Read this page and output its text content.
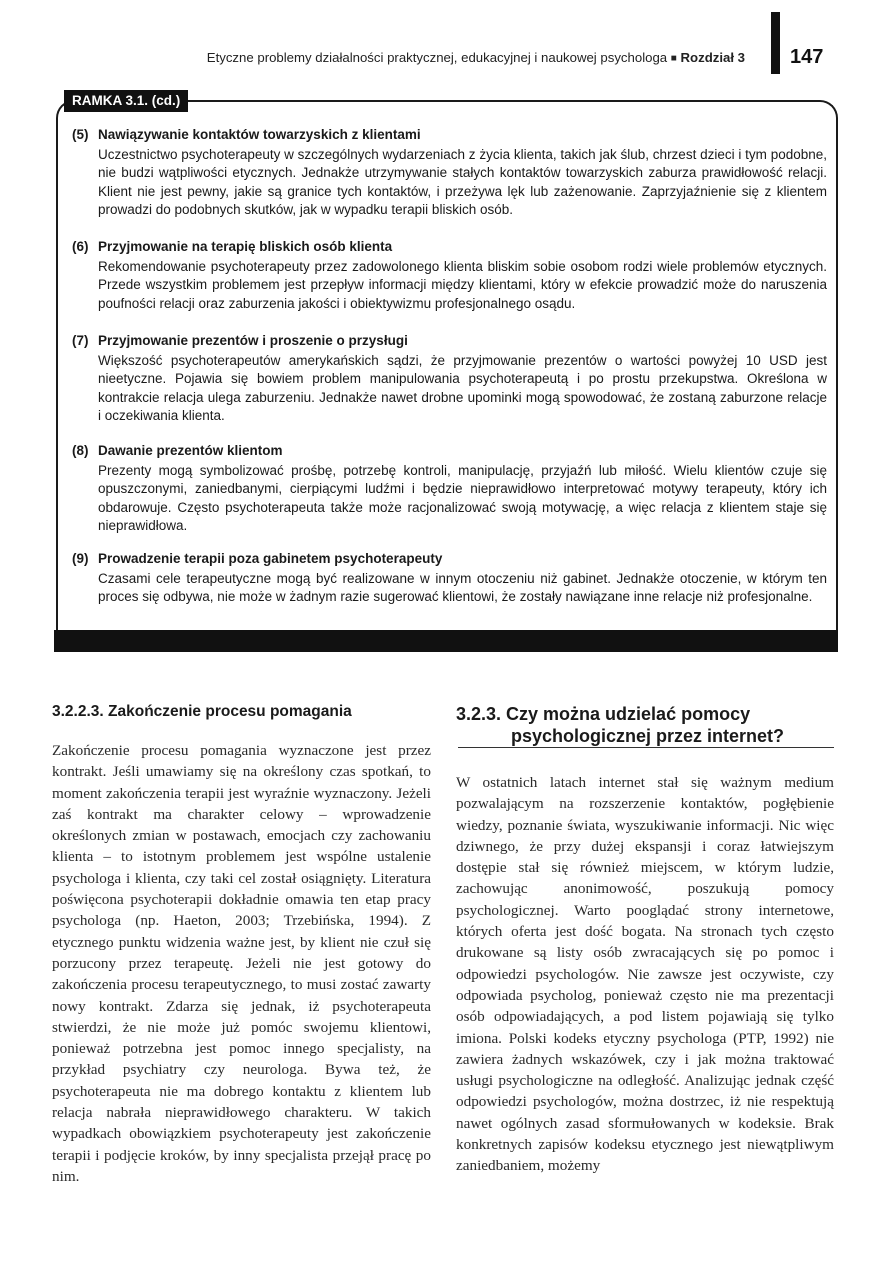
Etyczne problemy działalności praktycznej, edukacyjnej i naukowej psychologa ■ Rozdział 3 147
RAMKA 3.1. (cd.)
(5) Nawiązywanie kontaktów towarzyskich z klientami
Uczestnictwo psychoterapeuty w szczególnych wydarzeniach z życia klienta, takich jak ślub, chrzest dzieci i tym podobne, nie budzi wątpliwości etycznych. Jednakże utrzymywanie stałych kontaktów towarzyskich zaburza prawidłowość relacji. Klient nie jest pewny, jakie są granice tych kontaktów, i przeżywa lęk lub zażenowanie. Zaprzyjaźnienie się z klientem prowadzi do podobnych skutków, jak w wypadku terapii bliskich osób.
(6) Przyjmowanie na terapię bliskich osób klienta
Rekomendowanie psychoterapeuty przez zadowolonego klienta bliskim sobie osobom rodzi wiele problemów etycznych. Przede wszystkim problemem jest przepływ informacji między klientami, który w efekcie prowadzić może do naruszenia poufności relacji oraz zaburzenia jakości i obiektywizmu profesjonalnego osądu.
(7) Przyjmowanie prezentów i proszenie o przysługi
Większość psychoterapeutów amerykańskich sądzi, że przyjmowanie prezentów o wartości powyżej 10 USD jest nieetyczne. Pojawia się bowiem problem manipulowania psychoterapeutą i po prostu przekupstwa. Określona w kontrakcie relacja ulega zaburzeniu. Jednakże nawet drobne upominki mogą spowodować, że zostaną zaburzone relacje i oczekiwania klienta.
(8) Dawanie prezentów klientom
Prezenty mogą symbolizować prośbę, potrzebę kontroli, manipulację, przyjaźń lub miłość. Wielu klientów czuje się opuszczonymi, zaniedbanymi, cierpiącymi ludźmi i będzie nieprawidłowo interpretować motywy terapeuty, który ich obdarowuje. Często psychoterapeuta także może racjonalizować swoją motywację, a więc relacja z klientem staje się nieprawidłowa.
(9) Prowadzenie terapii poza gabinetem psychoterapeuty
Czasami cele terapeutyczne mogą być realizowane w innym otoczeniu niż gabinet. Jednakże otoczenie, w którym ten proces się odbywa, nie może w żadnym razie sugerować klientowi, że zostały nawiązane inne relacje niż profesjonalne.
3.2.2.3. Zakończenie procesu pomagania
Zakończenie procesu pomagania wyznaczone jest przez kontrakt. Jeśli umawiamy się na określony czas spotkań, to moment zakończenia terapii jest wyraźnie wyznaczony. Jeżeli zaś kontrakt ma charakter celowy – wprowadzenie określonych zmian w postawach, emocjach czy zachowaniu klienta – to istotnym problemem jest wspólne ustalenie psychologa i klienta, czy taki cel został osiągnięty. Literatura poświęcona psychoterapii dokładnie omawia ten etap pracy psychologa (np. Haeton, 2003; Trzebińska, 1994). Z etycznego punktu widzenia ważne jest, by klient nie czuł się porzucony przez terapeutę. Jeżeli nie jest gotowy do zakończenia procesu terapeutycznego, to musi zostać zawarty nowy kontrakt. Zdarza się jednak, iż psychoterapeuta stwierdzi, że nie może już pomóc swojemu klientowi, ponieważ potrzebna jest pomoc innego specjalisty, na przykład psychiatry czy neurologa. Bywa też, że psychoterapeuta nie ma dobrego kontaktu z klientem lub relacja nabrała nieprawidłowego charakteru. W takich wypadkach obowiązkiem psychoterapeuty jest zakończenie terapii i podjęcie kroków, by inny specjalista przejął pracę po nim.
3.2.3. Czy można udzielać pomocy
psychologicznej przez internet?
W ostatnich latach internet stał się ważnym medium pozwalającym na rozszerzenie kontaktów, pogłębienie wiedzy, poznanie świata, wyszukiwanie informacji. Nic więc dziwnego, że przy dużej ekspansji i coraz łatwiejszym dostępie stał się również miejscem, w którym ludzie, zachowując anonimowość, poszukują pomocy psychologicznej. Warto pooglądać strony internetowe, których oferta jest dość bogata. Na stronach tych często drukowane są listy osób zwracających się po pomoc i odpowiedzi psychologów. Nie zawsze jest oczywiste, czy odpowiada psycholog, ponieważ często nie ma prezentacji osób odpowiadających, a pod listem pojawiają się tylko imiona. Polski kodeks etyczny psychologa (PTP, 1992) nie zawiera żadnych wskazówek, czy i jak można traktować usługi psychologiczne na odległość. Analizując jednak część odpowiedzi psychologów, można dostrzec, iż nie respektują nawet ogólnych zasad sformułowanych w kodeksie. Brak konkretnych zapisów kodeksu etycznego jest niewątpliwym zaniedbaniem, możemy
